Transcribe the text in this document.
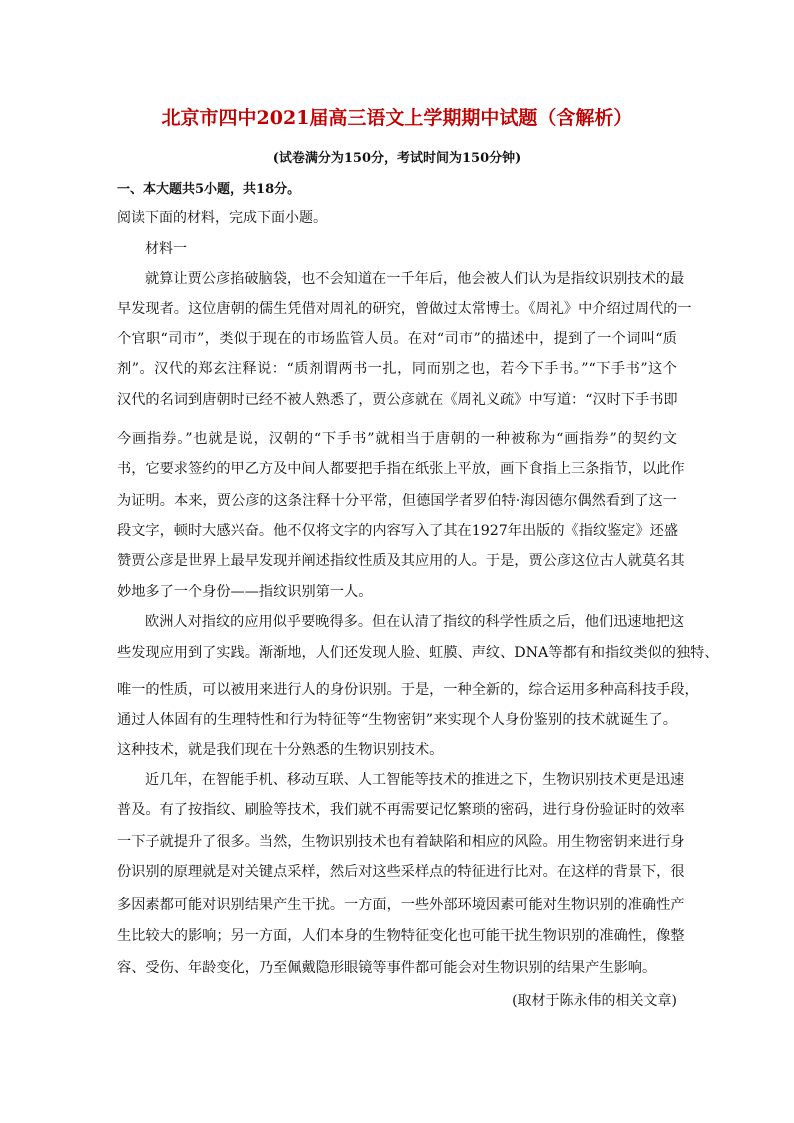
北京市四中2021届高三语文上学期期中试题（含解析）
(试卷满分为150分，考试时间为150分钟)
一、本大题共5小题，共18分。
阅读下面的材料，完成下面小题。
材料一
就算让贾公彦掐破脑袋，也不会知道在一千年后，他会被人们认为是指纹识别技术的最
早发现者。这位唐朝的儒生凭借对周礼的研究，曾做过太常博士。《周礼》中介绍过周代的一
个官职“司市”，类似于现在的市场监管人员。在对“司市”的描述中，提到了一个词叫“质
剂”。汉代的郑玄注释说：“质剂谓两书一扎，同而别之也，若今下手书。”“下手书”这个
汉代的名词到唐朝时已经不被人熟悉了，贾公彦就在《周礼义疏》中写道：“汉时下手书即
今画指券。”也就是说，汉朝的“下手书”就相当于唐朝的一种被称为“画指券”的契约文
书，它要求签约的甲乙方及中间人都要把手指在纸张上平放，画下食指上三条指节，以此作
为证明。本来，贾公彦的这条注释十分平常，但德国学者罗伯特·海因德尔偶然看到了这一
段文字，顿时大感兴奋。他不仅将文字的内容写入了其在1927年出版的《指纹鉴定》还盛
赞贾公彦是世界上最早发现并阐述指纹性质及其应用的人。于是，贾公彦这位古人就莫名其
妙地多了一个身份——指纹识别第一人。
欧洲人对指纹的应用似乎要晚得多。但在认清了指纹的科学性质之后，他们迅速地把这
些发现应用到了实践。渐渐地，人们还发现人脸、虹膜、声纹、DNA等都有和指纹类似的独特、
唯一的性质，可以被用来进行人的身份识别。于是，一种全新的，综合运用多种高科技手段，
通过人体固有的生理特性和行为特征等“生物密钥”来实现个人身份鉴别的技术就诞生了。
这种技术，就是我们现在十分熟悉的生物识别技术。
近几年，在智能手机、移动互联、人工智能等技术的推进之下，生物识别技术更是迅速
普及。有了按指纹、刷脸等技术，我们就不再需要记忆繁琐的密码，进行身份验证时的效率
一下子就提升了很多。当然，生物识别技术也有着缺陷和相应的风险。用生物密钥来进行身
份识别的原理就是对关键点采样，然后对这些采样点的特征进行比对。在这样的背景下，很
多因素都可能对识别结果产生干扰。一方面，一些外部环境因素可能对生物识别的准确性产
生比较大的影响；另一方面，人们本身的生物特征变化也可能干扰生物识别的准确性，像整
容、受伤、年龄变化，乃至佩戴隐形眼镜等事件都可能会对生物识别的结果产生影响。
(取材于陈永伟的相关文章)
